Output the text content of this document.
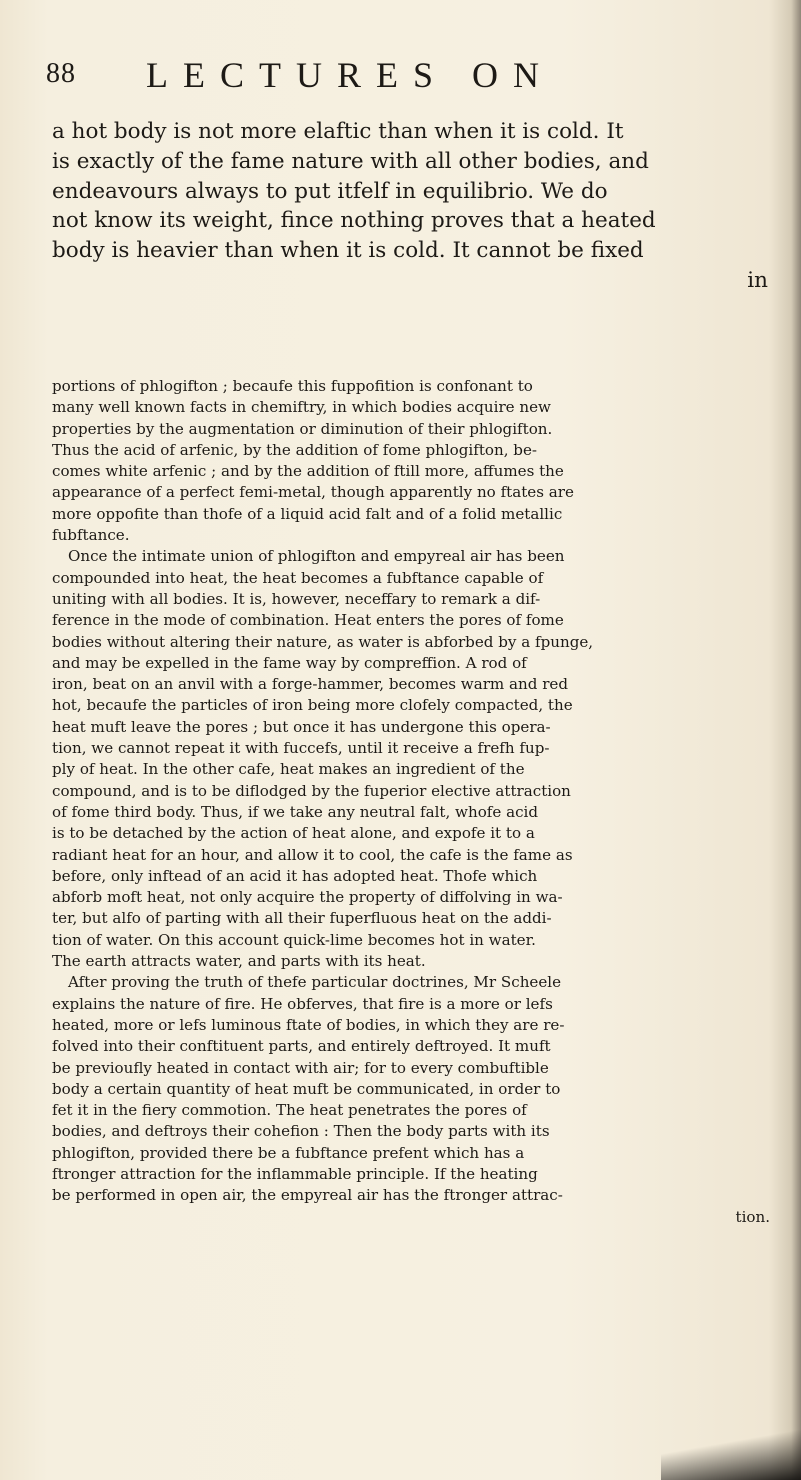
88 LECTURES ON
a hot body is not more elaftic than when it is cold. It
is exactly of the fame nature with all other bodies, and
endeavours always to put itfelf in equilibrio. We do
not know its weight, fince nothing proves that a heated
body is heavier than when it is cold. It cannot be fixed
in
portions of phlogifton ; becaufe this fuppofition is confonant to
many well known facts in chemiftry, in which bodies acquire new
properties by the augmentation or diminution of their phlogifton.
Thus the acid of arfenic, by the addition of fome phlogifton, be-
comes white arfenic ; and by the addition of ftill more, affumes the
appearance of a perfect femi-metal, though apparently no ftates are
more oppofite than thofe of a liquid acid falt and of a folid metallic
fubftance.
Once the intimate union of phlogifton and empyreal air has been
compounded into heat, the heat becomes a fubftance capable of
uniting with all bodies. It is, however, neceffary to remark a dif-
ference in the mode of combination. Heat enters the pores of fome
bodies without altering their nature, as water is abforbed by a fpunge,
and may be expelled in the fame way by compreffion. A rod of
iron, beat on an anvil with a forge-hammer, becomes warm and red
hot, becaufe the particles of iron being more clofely compacted, the
heat muft leave the pores ; but once it has undergone this opera-
tion, we cannot repeat it with fuccefs, until it receive a frefh fup-
ply of heat. In the other cafe, heat makes an ingredient of the
compound, and is to be diflodged by the fuperior elective attraction
of fome third body. Thus, if we take any neutral falt, whofe acid
is to be detached by the action of heat alone, and expofe it to a
radiant heat for an hour, and allow it to cool, the cafe is the fame as
before, only inftead of an acid it has adopted heat. Thofe which
abforb moft heat, not only acquire the property of diffolving in wa-
ter, but alfo of parting with all their fuperfluous heat on the addi-
tion of water. On this account quick-lime becomes hot in water.
The earth attracts water, and parts with its heat.
After proving the truth of thefe particular doctrines, Mr Scheele
explains the nature of fire. He obferves, that fire is a more or lefs
heated, more or lefs luminous ftate of bodies, in which they are re-
folved into their conftituent parts, and entirely deftroyed. It muft
be previoufly heated in contact with air; for to every combuftible
body a certain quantity of heat muft be communicated, in order to
fet it in the fiery commotion. The heat penetrates the pores of
bodies, and deftroys their cohefion : Then the body parts with its
phlogifton, provided there be a fubftance prefent which has a
ftronger attraction for the inflammable principle. If the heating
be performed in open air, the empyreal air has the ftronger attrac-
tion.
